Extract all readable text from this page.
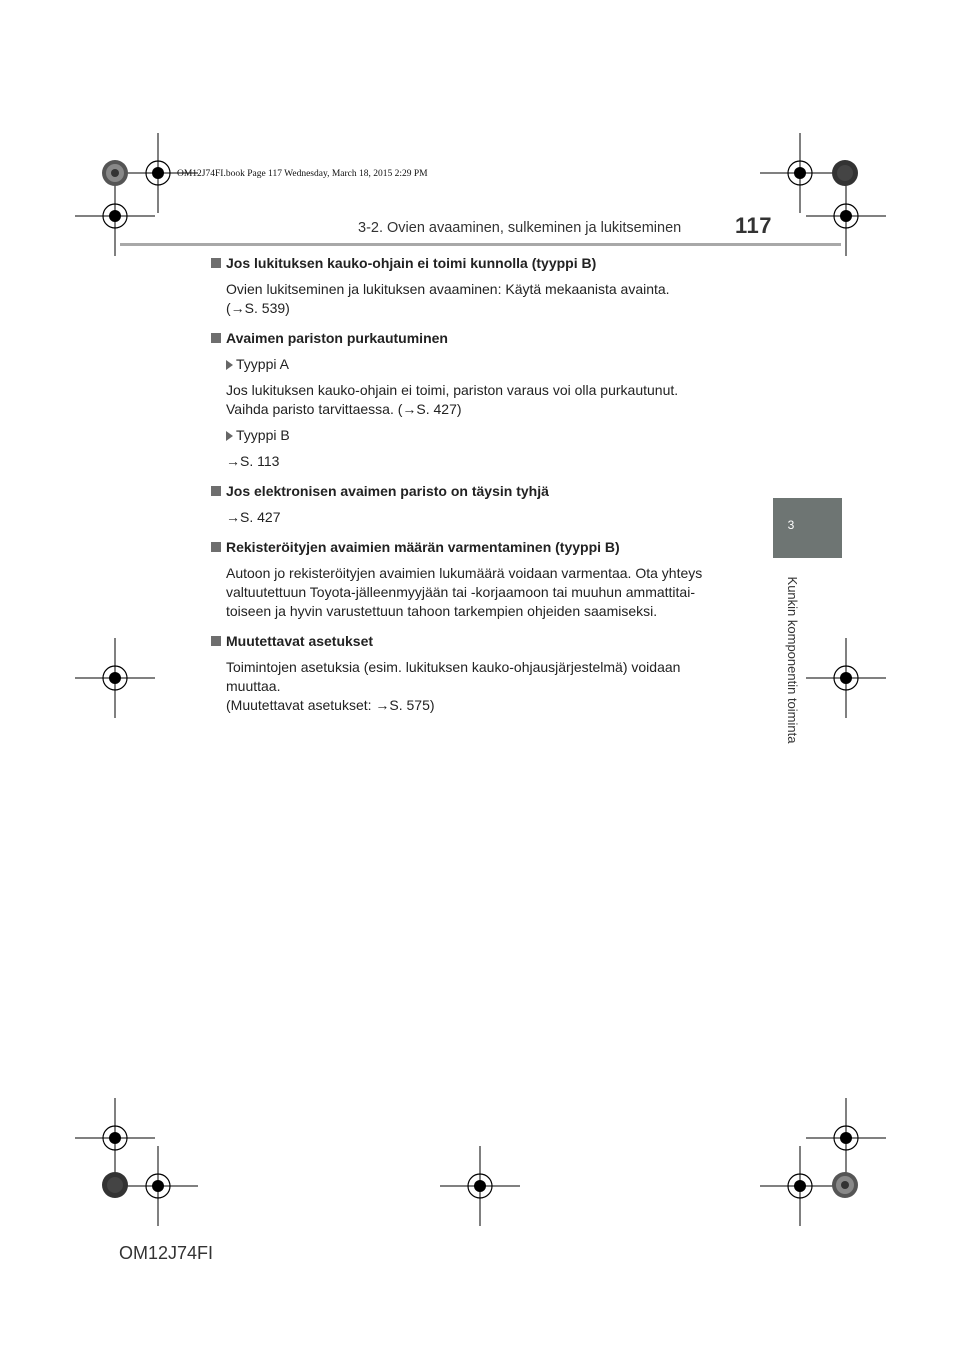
OM12J74FI.book Page 117 Wednesday, March 18, 2015 2:29 PM
3-2. Ovien avaaminen, sulkeminen ja lukitseminen 117
3
Kunkin komponentin toiminta
Jos lukituksen kauko-ohjain ei toimi kunnolla (tyyppi B)
Ovien lukitseminen ja lukituksen avaaminen: Käytä mekaanista avainta.
(→S. 539)
Avaimen pariston purkautuminen
Tyyppi A
Jos lukituksen kauko-ohjain ei toimi, pariston varaus voi olla purkautunut.
Vaihda paristo tarvittaessa. (→S. 427)
Tyyppi B
→S. 113
Jos elektronisen avaimen paristo on täysin tyhjä
→S. 427
Rekisteröityjen avaimien määrän varmentaminen (tyyppi B)
Autoon jo rekisteröityjen avaimien lukumäärä voidaan varmentaa. Ota yhteys
valtuutettuun Toyota-jälleenmyyjään tai -korjaamoon tai muuhun ammattitai-
toiseen ja hyvin varustettuun tahoon tarkempien ohjeiden saamiseksi.
Muutettavat asetukset
Toimintojen asetuksia (esim. lukituksen kauko-ohjausjärjestelmä) voidaan
muuttaa.
(Muutettavat asetukset: →S. 575)
OM12J74FI
